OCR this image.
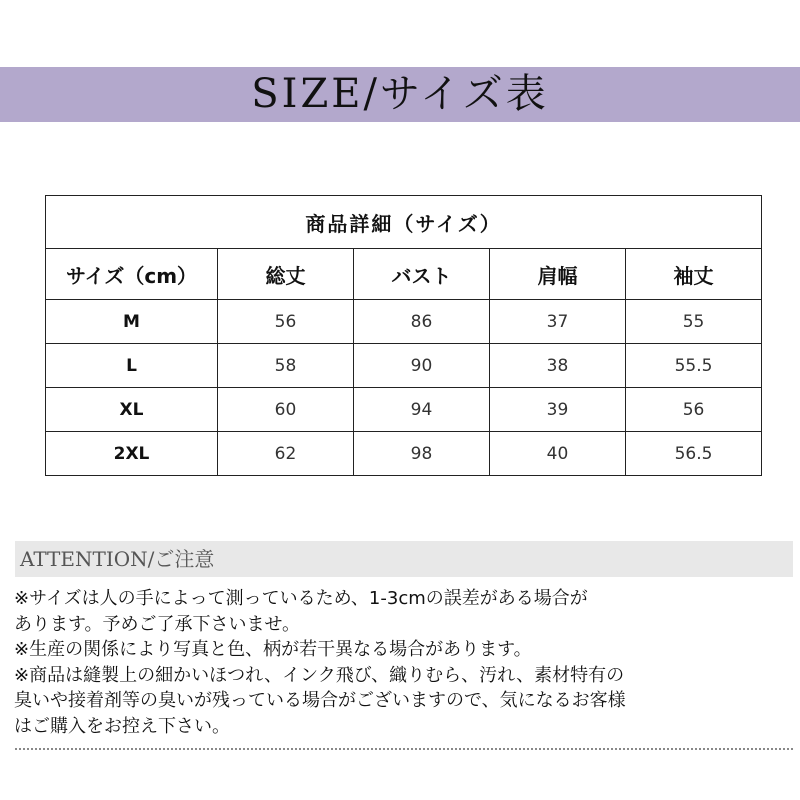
SIZE/サイズ表
商品詳細（サイズ）				
サイズ（cm）	総丈	バスト	肩幅	袖丈
M	56	86	37	55
L	58	90	38	55.5
XL	60	94	39	56
2XL	62	98	40	56.5
ATTENTION/ご注意
※サイズは人の手によって測っているため、1-3cmの誤差がある場合が
あります。予めご了承下さいませ。
※生産の関係により写真と色、柄が若干異なる場合があります。
※商品は縫製上の細かいほつれ、インク飛び、織りむら、汚れ、素材特有の
臭いや接着剤等の臭いが残っている場合がございますので、気になるお客様
はご購入をお控え下さい。
